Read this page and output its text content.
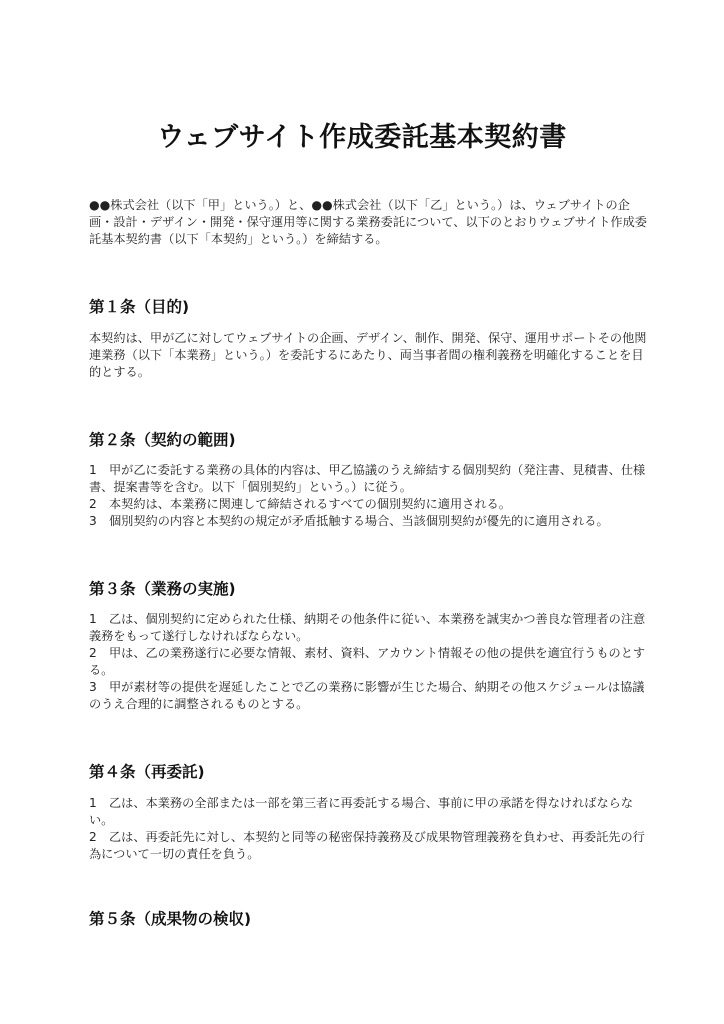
ウェブサイト作成委託基本契約書

●●株式会社（以下「甲」という。）と、●●株式会社（以下「乙」という。）は、ウェブサイトの企画・設計・デザイン・開発・保守運用等に関する業務委託について、以下のとおりウェブサイト作成委託基本契約書（以下「本契約」という。）を締結する。

第１条（目的)
本契約は、甲が乙に対してウェブサイトの企画、デザイン、制作、開発、保守、運用サポートその他関連業務（以下「本業務」という。）を委託するにあたり、両当事者間の権利義務を明確化することを目的とする。
第２条（契約の範囲)
1　甲が乙に委託する業務の具体的内容は、甲乙協議のうえ締結する個別契約（発注書、見積書、仕様書、提案書等を含む。以下「個別契約」という。）に従う。
2　本契約は、本業務に関連して締結されるすべての個別契約に適用される。
3　個別契約の内容と本契約の規定が矛盾抵触する場合、当該個別契約が優先的に適用される。
第３条（業務の実施)
1　乙は、個別契約に定められた仕様、納期その他条件に従い、本業務を誠実かつ善良な管理者の注意義務をもって遂行しなければならない。
2　甲は、乙の業務遂行に必要な情報、素材、資料、アカウント情報その他の提供を適宜行うものとする。
3　甲が素材等の提供を遅延したことで乙の業務に影響が生じた場合、納期その他スケジュールは協議のうえ合理的に調整されるものとする。
第４条（再委託)
1　乙は、本業務の全部または一部を第三者に再委託する場合、事前に甲の承諾を得なければならない。
2　乙は、再委託先に対し、本契約と同等の秘密保持義務及び成果物管理義務を負わせ、再委託先の行為について一切の責任を負う。
第５条（成果物の検収)
